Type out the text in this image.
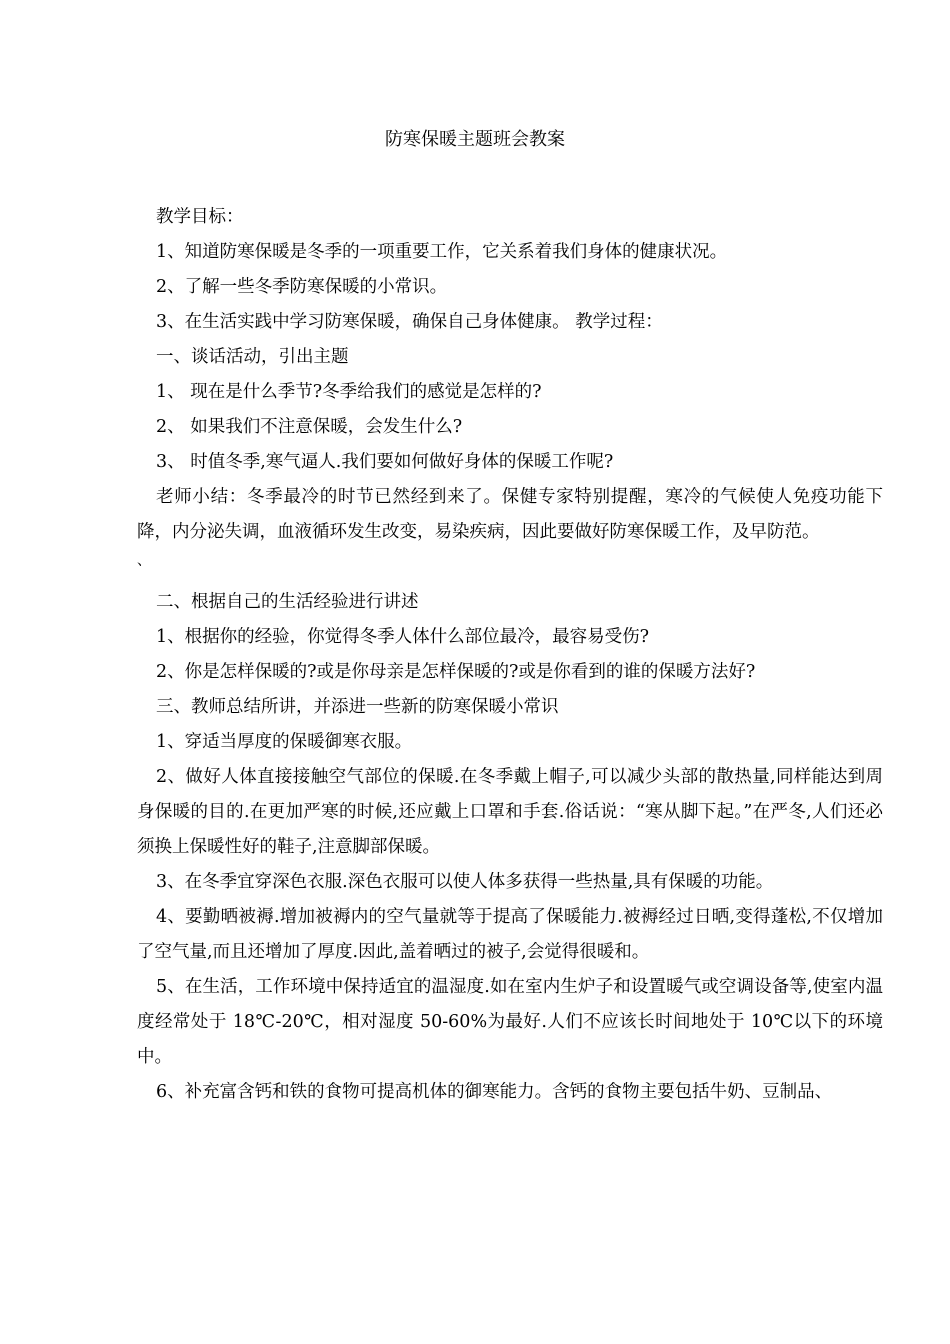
防寒保暖主题班会教案

教学目标：

1、知道防寒保暖是冬季的一项重要工作，它关系着我们身体的健康状况。

2、了解一些冬季防寒保暖的小常识。

3、在生活实践中学习防寒保暖，确保自己身体健康。 教学过程：

一、谈话活动，引出主题

1、 现在是什么季节?冬季给我们的感觉是怎样的?

2、 如果我们不注意保暖，会发生什么?

3、 时值冬季,寒气逼人.我们要如何做好身体的保暖工作呢?

老师小结：冬季最冷的时节已然经到来了。保健专家特别提醒，寒冷的气候使人免疫功能下降，内分泌失调，血液循环发生改变，易染疾病，因此要做好防寒保暖工作，及早防范。

、

二、根据自己的生活经验进行讲述

1、根据你的经验，你觉得冬季人体什么部位最冷，最容易受伤?

2、你是怎样保暖的?或是你母亲是怎样保暖的?或是你看到的谁的保暖方法好?

三、教师总结所讲，并添进一些新的防寒保暖小常识

1、穿适当厚度的保暖御寒衣服。

2、做好人体直接接触空气部位的保暖.在冬季戴上帽子,可以减少头部的散热量,同样能达到周身保暖的目的.在更加严寒的时候,还应戴上口罩和手套.俗话说：“寒从脚下起。”在严冬,人们还必须换上保暖性好的鞋子,注意脚部保暖。

3、在冬季宜穿深色衣服.深色衣服可以使人体多获得一些热量,具有保暖的功能。

4、要勤晒被褥.增加被褥内的空气量就等于提高了保暖能力.被褥经过日晒,变得蓬松,不仅增加了空气量,而且还增加了厚度.因此,盖着晒过的被子,会觉得很暖和。

5、在生活，工作环境中保持适宜的温湿度.如在室内生炉子和设置暖气或空调设备等,使室内温度经常处于 18℃-20℃，相对湿度 50-60%为最好.人们不应该长时间地处于 10℃以下的环境中。

6、补充富含钙和铁的食物可提高机体的御寒能力。含钙的食物主要包括牛奶、豆制品、
